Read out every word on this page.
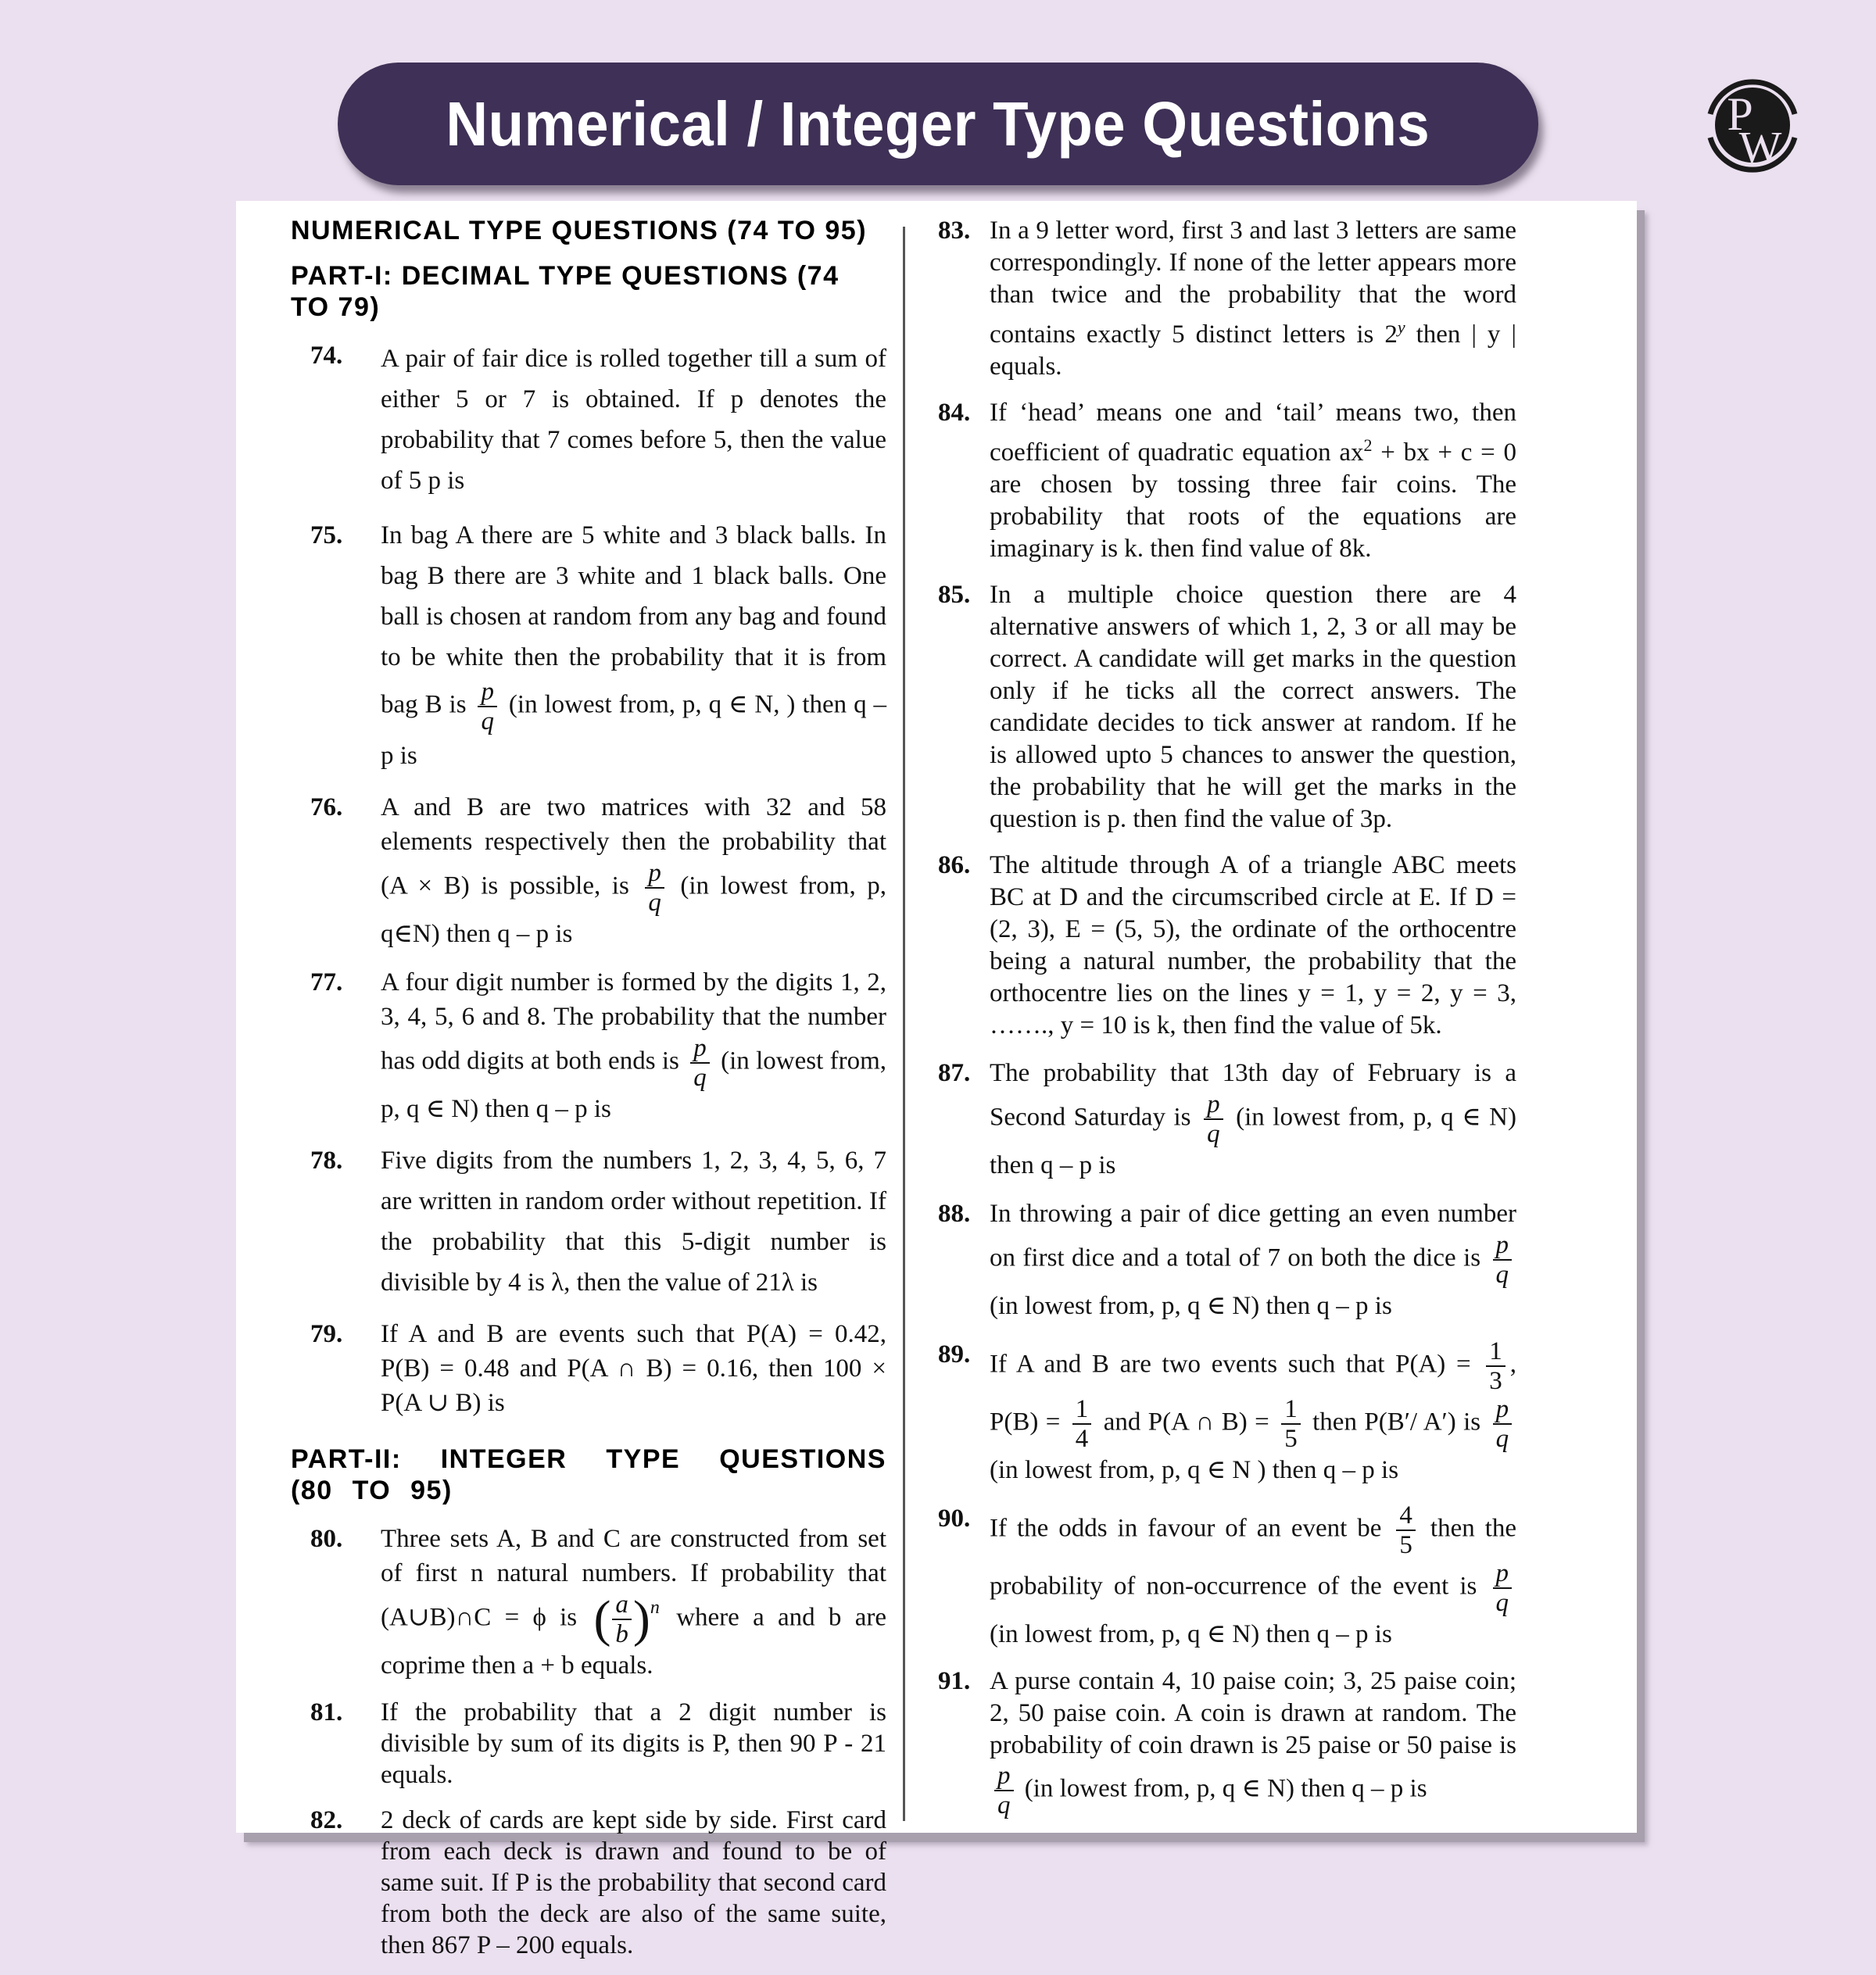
Numerical / Integer Type Questions	P
W
NUMERICAL TYPE QUESTIONS (74 TO 95)
PART-I: DECIMAL TYPE QUESTIONS (74 TO 79)
74. A pair of fair dice is rolled together till a sum of either 5 or 7 is obtained. If p denotes the probability that 7 comes before 5, then the value of 5 p is
75. In bag A there are 5 white and 3 black balls. In bag B there are 3 white and 1 black balls. One ball is chosen at random from any bag and found to be white then the probability that it is from bag B is $\frac{p}{q} (in$ lowest from, p, q ∈ N, ) then q – p is
76. A and B are two matrices with 32 and 58 elements respectively then the probability that (A × B) is possible, is $\frac{p}{q} (in$ lowest from, p, q∈N) then q – p is
77. A four digit number is formed by the digits 1, 2, 3, 4, 5, 6 and 8. The probability that the number has odd digits at both ends is $\frac{p}{q} (in$ lowest from, p, q ∈ N) then q – p is
78. Five digits from the numbers 1, 2, 3, 4, 5, 6, 7 are written in random order without repetition. If the probability that this 5-digit number is divisible by 4 is λ, then the value of 21λ is
79. If A and B are events such that P(A) = 0.42, P(B) = 0.48 and P(A ∩ B) = 0.16, then 100 × P(A ∪ B) is
PART-II: INTEGER TYPE QUESTIONS (80 TO 95)
80. Three sets A, B and C are constructed from set of first n natural numbers. If probability that (A∪B)∩C = ϕ is ( $\frac{a}{b} )^n$ where a and b are coprime then a + b equals.
81. If the probability that a 2 digit number is divisible by sum of its digits is P, then 90 P - 21 equals.
82. 2 deck of cards are kept side by side. First card from each deck is drawn and found to be of same suit. If P is the probability that second card from both the deck are also of the same suite, then 867 P – 200 equals.
83. In a 9 letter word, first 3 and last 3 letters are same correspondingly. If none of the letter appears more than twice and the probability that the word contains exactly 5 distinct letters is 2$^y$ then | y | equals.
84. If ‘head’ means one and ‘tail’ means two, then coefficient of quadratic equation $ax^2$ + bx + c = 0 are chosen by tossing three fair coins. The probability that roots of the equations are imaginary is k. then find value of 8k.
85. In a multiple choice question there are 4 alternative answers of which 1, 2, 3 or all may be correct. A candidate will get marks in the question only if he ticks all the correct answers. The candidate decides to tick answer at random. If he is allowed upto 5 chances to answer the question, the probability that he will get the marks in the question is p. then find the value of 3p.
86. The altitude through A of a triangle ABC meets BC at D and the circumscribed circle at E. If D = (2, 3), E = (5, 5), the ordinate of the orthocentre being a natural number, the probability that the orthocentre lies on the lines y = 1, y = 2, y = 3, ……., y = 10 is k, then find the value of 5k.
87. The probability that 13th day of February is a Second Saturday is $\frac{p}{q} (in$ lowest from, p, q ∈ N) then q – p is
88. In throwing a pair of dice getting an even number on first dice and a total of 7 on both the dice is $\frac{p}{q}$
(in lowest from, p, q ∈ N) then q – p is
89. If A and B are two events such that $P(A) = \frac{1}{3}$ , $P(B) = \frac{1}{4}$ and P(A ∩ $B) = \frac{1}{5}$ then P(B′/ A′) is $\frac{p}{q}$
(in lowest from, p, q ∈ N ) then q – p is
90. If the odds in favour of an event be $\frac{4}{5}$ then the probability of non-occurrence of the event is $\frac{p}{q}$
(in lowest from, p, q ∈ N) then q – p is
91. A purse contain 4, 10 paise coin; 3, 25 paise coin; 2, 50 paise coin. A coin is drawn at random. The probability of coin drawn is 25 paise or 50 paise is
$\frac{p}{q} (in$ lowest from, p, q ∈ N) then q – p is
